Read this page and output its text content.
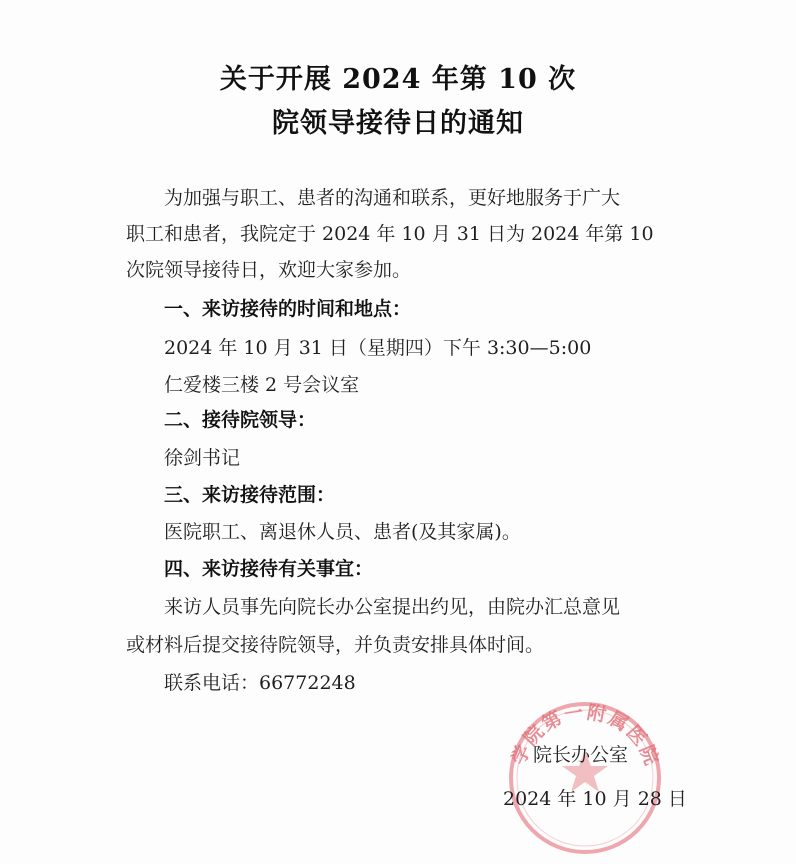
关于开展 2024 年第 10 次
院领导接待日的通知
为加强与职工、患者的沟通和联系，更好地服务于广大
职工和患者，我院定于 2024 年 10 月 31 日为 2024 年第 10
次院领导接待日，欢迎大家参加。
一、来访接待的时间和地点：
2024 年 10 月 31 日（星期四）下午 3:30—5:00
仁爱楼三楼 2 号会议室
二、接待院领导：
徐剑书记
三、来访接待范围：
医院职工、离退休人员、患者(及其家属)。
四、来访接待有关事宜：
来访人员事先向院长办公室提出约见，由院办汇总意见
或材料后提交接待院领导，并负责安排具体时间。
联系电话：66772248
学院第一附属医院
院长办公室
2024 年 10 月 28 日
